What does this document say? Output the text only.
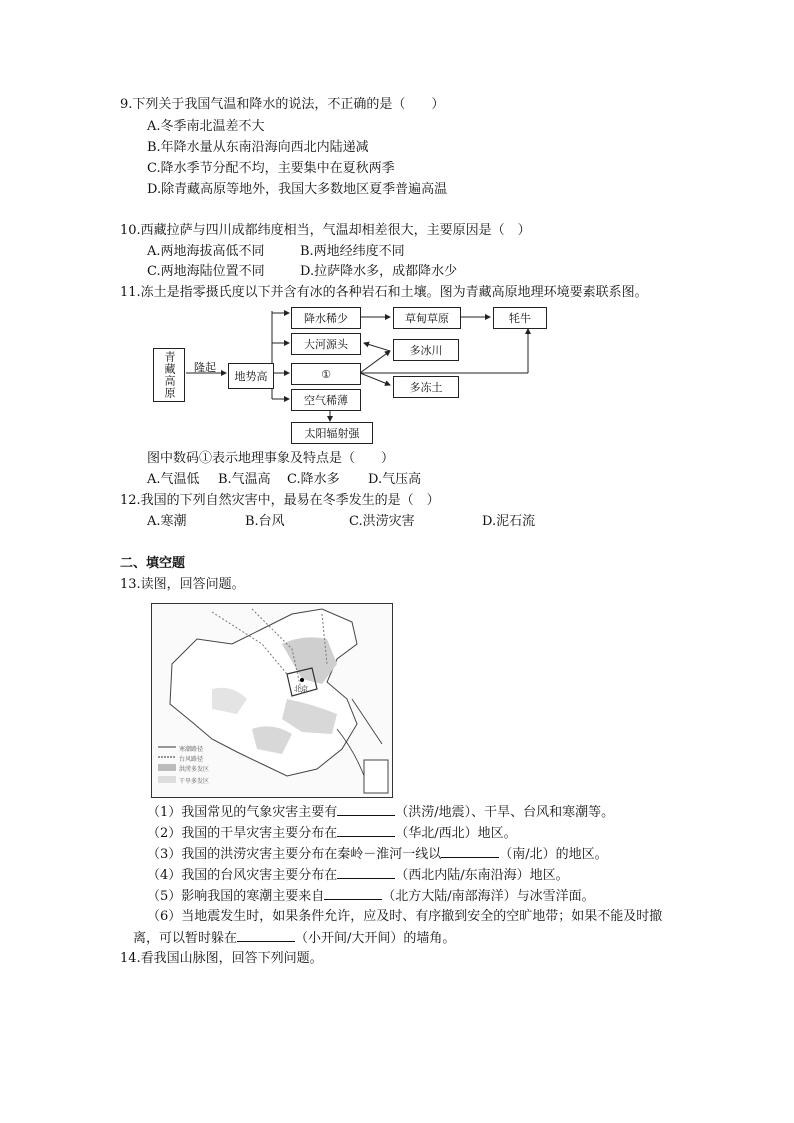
9.下列关于我国气温和降水的说法，不正确的是（　　）
A.冬季南北温差不大
B.年降水量从东南沿海向西北内陆递减
C.降水季节分配不均，主要集中在夏秋两季
D.除青藏高原等地外，我国大多数地区夏季普遍高温
10.西藏拉萨与四川成都纬度相当，气温却相差很大，主要原因是（　）
A.两地海拔高低不同	B.两地经纬度不同
C.两地海陆位置不同	D.拉萨降水多，成都降水少
11.冻土是指零摄氏度以下并含有冰的各种岩石和土壤。图为青藏高原地理环境要素联系图。
青藏高原	隆起
地势高
降水稀少
大河源头
①
空气稀薄
太阳辐射强
草甸草原	牦牛
多冰川
多冻土
图中数码①表示地理事象及特点是（　　）
A.气温低 B.气温高 C.降水多 D.气压高
12.我国的下列自然灾害中，最易在冬季发生的是（　）
A.寒潮	B.台风	C.洪涝灾害	D.泥石流
二、填空题
13.读图，回答问题。
北京
寒潮路径
台风路径
洪涝多发区
干旱多发区
（1）我国常见的气象灾害主要有	（洪涝/地震）、干旱、台风和寒潮等。
（2）我国的干旱灾害主要分布在	（华北/西北）地区。
（3）我国的洪涝灾害主要分布在秦岭－淮河一线以	（南/北）的地区。
（4）我国的台风灾害主要分布在	（西北内陆/东南沿海）地区。
（5）影响我国的寒潮主要来自	（北方大陆/南部海洋）与冰雪洋面。
（6）当地震发生时，如果条件允许，应及时、有序撤到安全的空旷地带；如果不能及时撤
离，可以暂时躲在	（小开间/大开间）的墙角。
14.看我国山脉图，回答下列问题。
